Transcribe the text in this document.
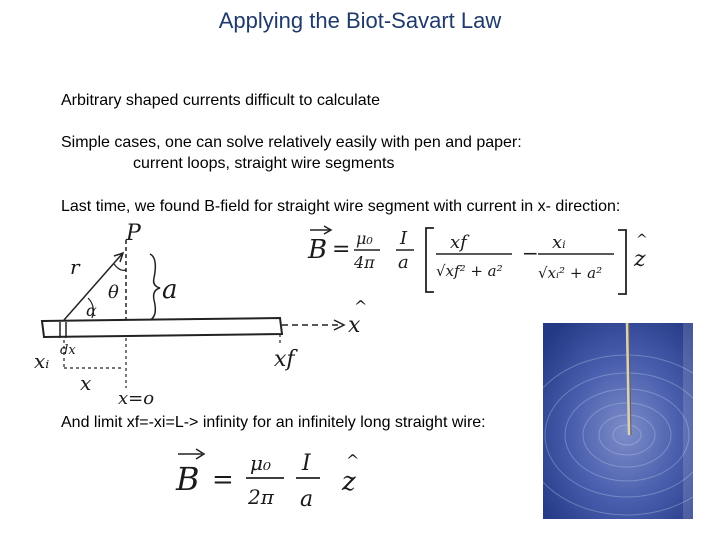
Applying the Biot-Savart Law
Arbitrary shaped currents difficult to calculate
Simple cases, one can solve relatively easily with pen and paper:
current loops, straight wire segments
Last time, we found B-field for straight wire segment with current in x- direction:
And limit xf=-xi=L-> infinity for an infinitely long straight wire:
P
r
θ
α
a
x
^
dx
xᵢ
x
x=o
xf
B = μ₀
4π
I
a
xf
√xf² + a²
− xᵢ
√xᵢ² + a²
^
z
B =
μ₀
2π
I
a
^
z
